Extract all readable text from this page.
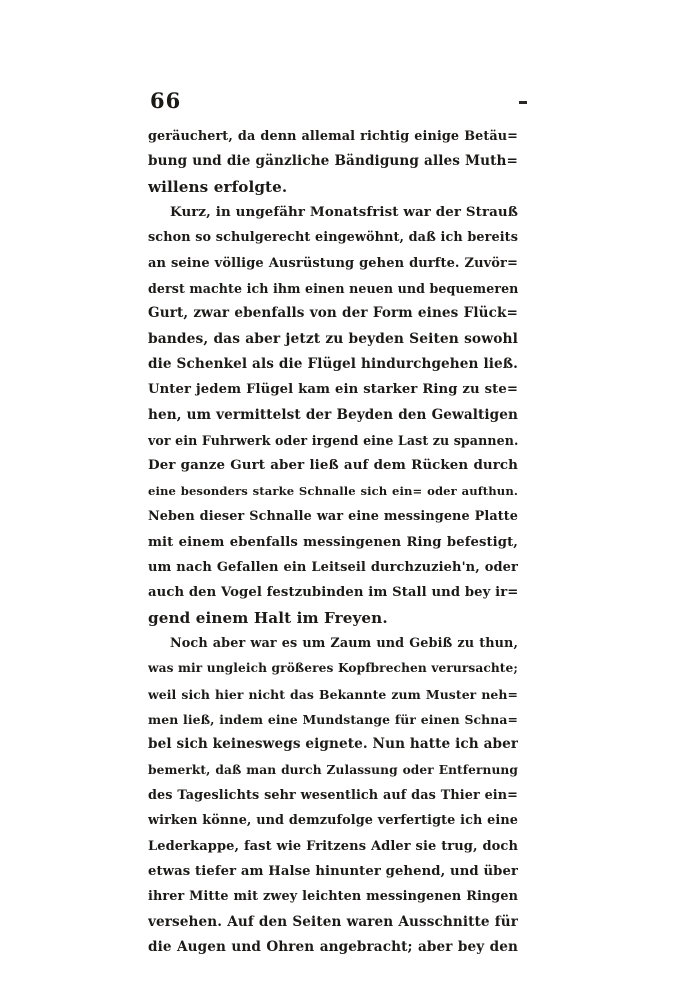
66
geräuchert, da denn allemal richtig einige Betäu=
bung und die gänzliche Bändigung alles Muth=
willens erfolgte.
Kurz, in ungefähr Monatsfrist war der Strauß
schon so schulgerecht eingewöhnt, daß ich bereits
an seine völlige Ausrüstung gehen durfte. Zuvör=
derst machte ich ihm einen neuen und bequemeren
Gurt, zwar ebenfalls von der Form eines Flück=
bandes, das aber jetzt zu beyden Seiten sowohl
die Schenkel als die Flügel hindurchgehen ließ.
Unter jedem Flügel kam ein starker Ring zu ste=
hen, um vermittelst der Beyden den Gewaltigen
vor ein Fuhrwerk oder irgend eine Last zu spannen.
Der ganze Gurt aber ließ auf dem Rücken durch
eine besonders starke Schnalle sich ein= oder aufthun.
Neben dieser Schnalle war eine messingene Platte
mit einem ebenfalls messingenen Ring befestigt,
um nach Gefallen ein Leitseil durchzuzieh'n, oder
auch den Vogel festzubinden im Stall und bey ir=
gend einem Halt im Freyen.
Noch aber war es um Zaum und Gebiß zu thun,
was mir ungleich größeres Kopfbrechen verursachte;
weil sich hier nicht das Bekannte zum Muster neh=
men ließ, indem eine Mundstange für einen Schna=
bel sich keineswegs eignete. Nun hatte ich aber
bemerkt, daß man durch Zulassung oder Entfernung
des Tageslichts sehr wesentlich auf das Thier ein=
wirken könne, und demzufolge verfertigte ich eine
Lederkappe, fast wie Fritzens Adler sie trug, doch
etwas tiefer am Halse hinunter gehend, und über
ihrer Mitte mit zwey leichten messingenen Ringen
versehen. Auf den Seiten waren Ausschnitte für
die Augen und Ohren angebracht; aber bey den
